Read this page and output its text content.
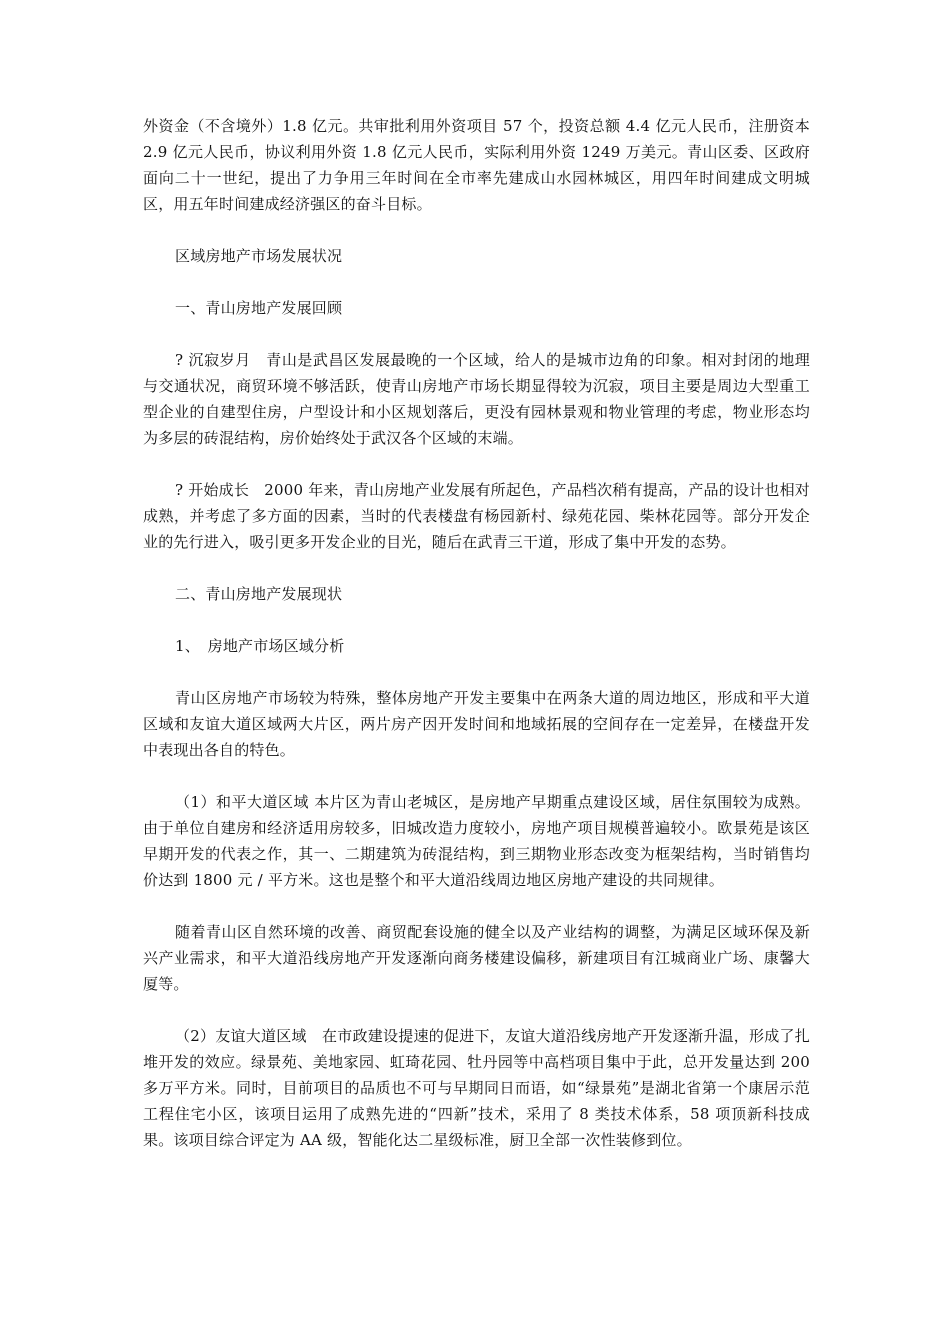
外资金（不含境外）1.8 亿元。共审批利用外资项目 57 个，投资总额 4.4 亿元人民币，注册资本 2.9 亿元人民币，协议利用外资 1.8 亿元人民币，实际利用外资 1249 万美元。青山区委、区政府面向二十一世纪，提出了力争用三年时间在全市率先建成山水园林城区，用四年时间建成文明城区，用五年时间建成经济强区的奋斗目标。

区域房地产市场发展状况

一、青山房地产发展回顾

? 沉寂岁月　青山是武昌区发展最晚的一个区域，给人的是城市边角的印象。相对封闭的地理与交通状况，商贸环境不够活跃，使青山房地产市场长期显得较为沉寂，项目主要是周边大型重工型企业的自建型住房，户型设计和小区规划落后，更没有园林景观和物业管理的考虑，物业形态均为多层的砖混结构，房价始终处于武汉各个区域的末端。

? 开始成长　2000 年来，青山房地产业发展有所起色，产品档次稍有提高，产品的设计也相对成熟，并考虑了多方面的因素，当时的代表楼盘有杨园新村、绿苑花园、柴林花园等。部分开发企业的先行进入，吸引更多开发企业的目光，随后在武青三干道，形成了集中开发的态势。

二、青山房地产发展现状

1、　房地产市场区域分析

青山区房地产市场较为特殊，整体房地产开发主要集中在两条大道的周边地区，形成和平大道区域和友谊大道区域两大片区，两片房产因开发时间和地域拓展的空间存在一定差异，在楼盘开发中表现出各自的特色。

（1）和平大道区域 本片区为青山老城区，是房地产早期重点建设区域，居住氛围较为成熟。由于单位自建房和经济适用房较多，旧城改造力度较小，房地产项目规模普遍较小。欧景苑是该区早期开发的代表之作，其一、二期建筑为砖混结构，到三期物业形态改变为框架结构，当时销售均价达到 1800 元 / 平方米。这也是整个和平大道沿线周边地区房地产建设的共同规律。

随着青山区自然环境的改善、商贸配套设施的健全以及产业结构的调整，为满足区域环保及新兴产业需求，和平大道沿线房地产开发逐渐向商务楼建设偏移，新建项目有江城商业广场、康馨大厦等。

（2）友谊大道区域　在市政建设提速的促进下，友谊大道沿线房地产开发逐渐升温，形成了扎堆开发的效应。绿景苑、美地家园、虹琦花园、牡丹园等中高档项目集中于此，总开发量达到 200 多万平方米。同时，目前项目的品质也不可与早期同日而语，如“绿景苑”是湖北省第一个康居示范工程住宅小区，该项目运用了成熟先进的“四新”技术，采用了 8 类技术体系，58 项顶新科技成果。该项目综合评定为 AA 级，智能化达二星级标准，厨卫全部一次性装修到位。
